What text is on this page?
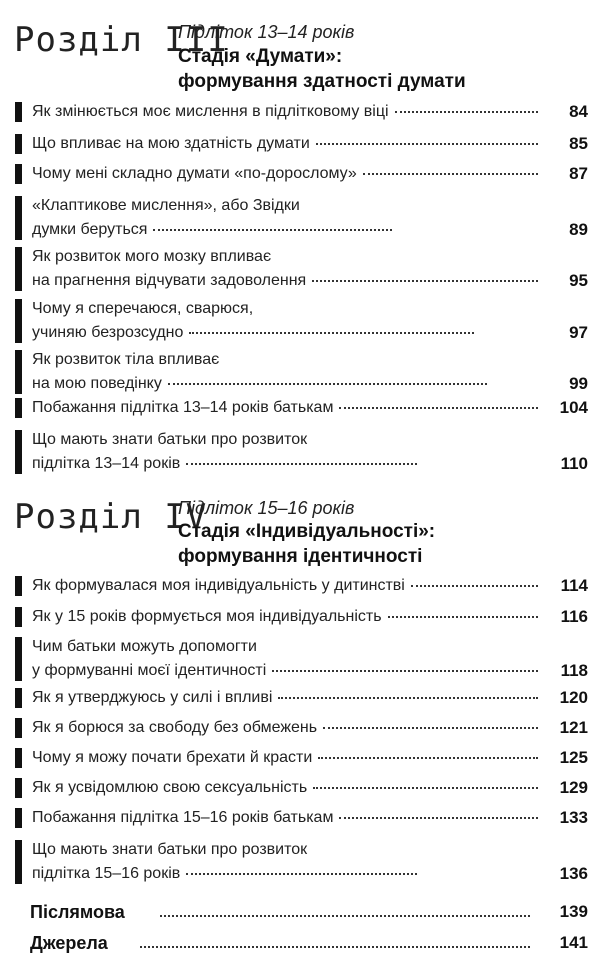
Розділ III
Підліток 13–14 років
Стадія «Думати»:
формування здатності думати
Як змінюється моє мислення в підлітковому віці	84
Що впливає на мою здатність думати	85
Чому мені складно думати «по-дорослому»	87
«Клаптикове мислення», або Звідки
думки беруться	89
Як розвиток мого мозку впливає
на прагнення відчувати задоволення	95
Чому я сперечаюся, сварюся,
учиняю безрозсудно	97
Як розвиток тіла впливає
на мою поведінку	99
Побажання підлітка 13–14 років батькам	104
Що мають знати батьки про розвиток
підлітка 13–14 років	110
Розділ IV
Підліток 15–16 років
Стадія «Індивідуальності»:
формування ідентичності
Як формувалася моя індивідуальність у дитинстві	114
Як у 15 років формується моя індивідуальність	116
Чим батьки можуть допомогти
у формуванні моєї ідентичності	118
Як я утверджуюсь у силі і впливі	120
Як я борюся за свободу без обмежень	121
Чому я можу почати брехати й красти	125
Як я усвідомлюю свою сексуальність	129
Побажання підлітка 15–16 років батькам	133
Що мають знати батьки про розвиток
підлітка 15–16 років	136
Післямова	139
Джерела	141
